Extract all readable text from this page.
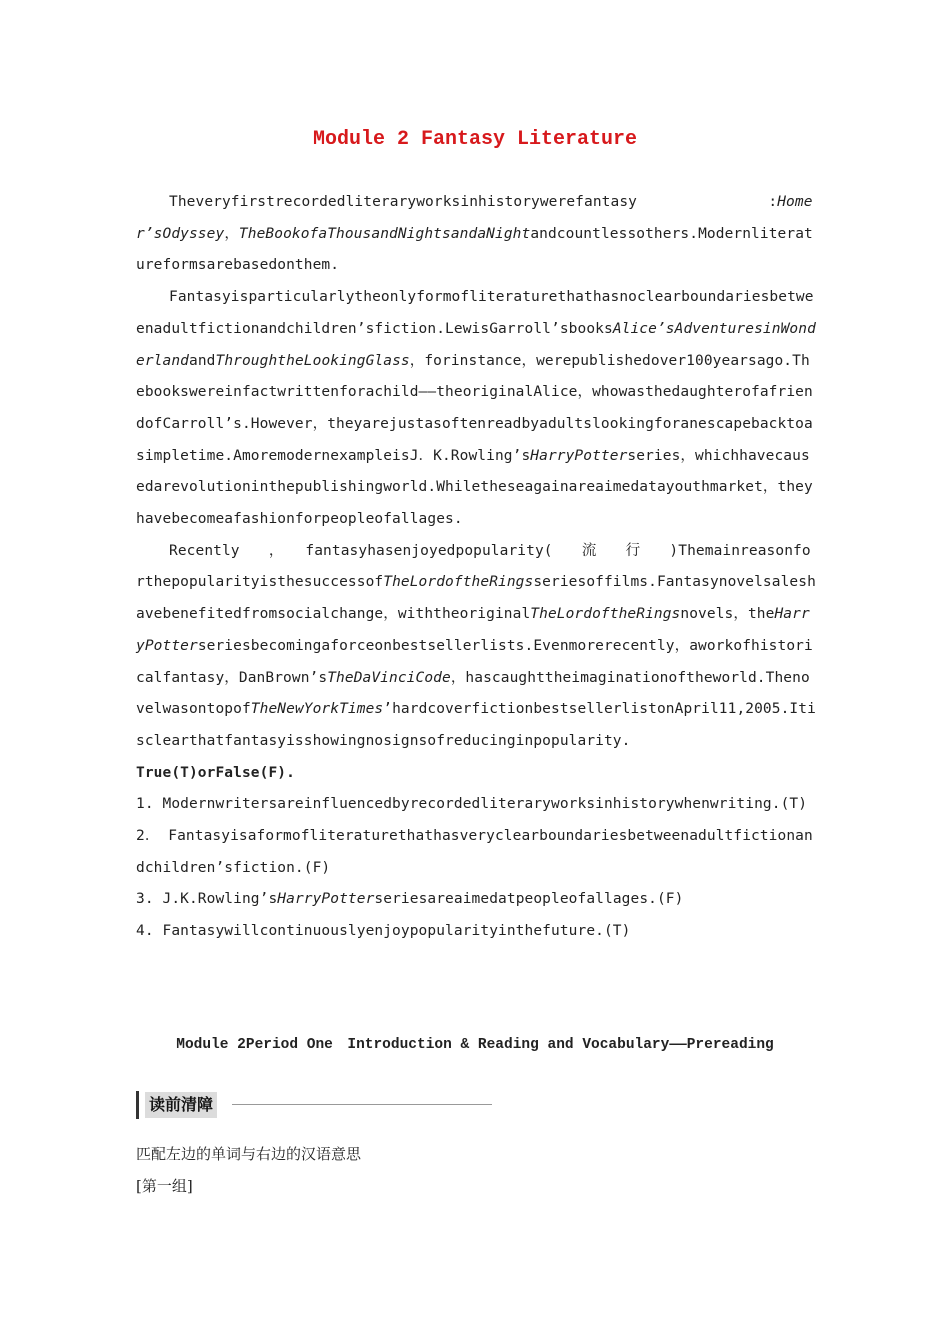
Module 2 Fantasy Literature

Theveryfirstrecordedliteraryworksinhistorywerefantasy　　　　　　　　　:Homer’sOdyssey，TheBookofaThousandNightsandaNightandcountlessothers.Modernliteratureformsarebasedonthem.

Fantasyisparticularlytheonlyformofliteraturethathasnoclearboundariesbetweenadultfictionandchildren’sfiction.LewisGarroll’sbooksAlice’sAdventuresinWonderlandandThroughtheLookingGlass，forinstance，werepublishedover100yearsago.Thebookswereinfactwrittenforachild——theoriginalAlice，whowasthedaughterofafriendofCarroll’s.However，theyarejustasoftenreadbyadultslookingforanescapebacktoasimpletime.AmoremodernexampleisJ．K.Rowling’sHarryPotterseries，whichhavecausedarevolutioninthepublishingworld.Whiletheseagainareaimedatayouthmarket，theyhavebecomeafashionforpeopleofallages.

Recently　　，　　fantasyhasenjoyedpopularity(　　流　　行　　)ThemainreasonforthepopularityisthesuccessofTheLordoftheRingsseriesoffilms.Fantasynovelsaleshavebenefitedfromsocialchange，withtheoriginalTheLordoftheRingsnovels，theHarryPotterseriesbecomingaforceonbestsellerlists.Evenmorerecently，aworkofhistoricalfantasy，DanBrown’sTheDaVinciCode，hascaughttheimaginationoftheworld.ThenovelwasontopofTheNewYorkTimes’hardcoverfictionbestsellerlistonApril11,2005.Itisclearthatfantasyisshowingnosignsofreducinginpopularity.

True(T)orFalse(F).

1. Modernwritersareinfluencedbyrecordedliteraryworksinhistorywhenwriting.(T)

2． Fantasyisaformofliteraturethathasveryclearboundariesbetweenadultfictionandchildren’sfiction.(F)

3. J.K.Rowling’sHarryPotterseriesareaimedatpeopleofallages.(F)

4. Fantasywillcontinuouslyenjoypopularityinthefuture.(T)

Module 2Period One　Introduction & Reading and Vocabulary——Prereading
读前清障
匹配左边的单词与右边的汉语意思
[第一组]
